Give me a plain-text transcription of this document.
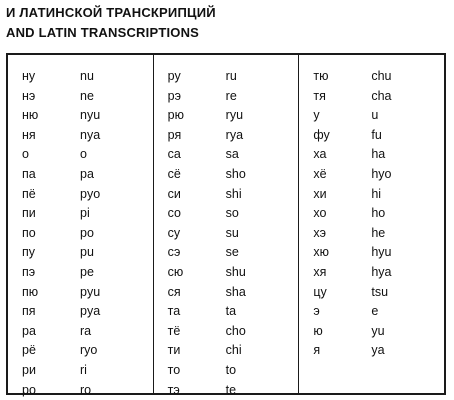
И ЛАТИНСКОЙ ТРАНСКРИПЦИЙ
AND LATIN TRANSCRIPTIONS
ну	nu
нэ	ne
ню	nyu
ня	nya
о	o
па	pa
пё	pyo
пи	pi
по	po
пу	pu
пэ	pe
пю	pyu
пя	pya
ра	ra
рё	ryo
ри	ri
ро	ro
ру	ru
рэ	re
рю	ryu
ря	rya
са	sa
сё	sho
си	shi
со	so
су	su
сэ	se
сю	shu
ся	sha
та	ta
тё	cho
ти	chi
то	to
тэ	te
тю	chu
тя	cha
у	u
фу	fu
ха	ha
хё	hyo
хи	hi
хо	ho
хэ	he
хю	hyu
хя	hya
цу	tsu
э	e
ю	yu
я	ya
